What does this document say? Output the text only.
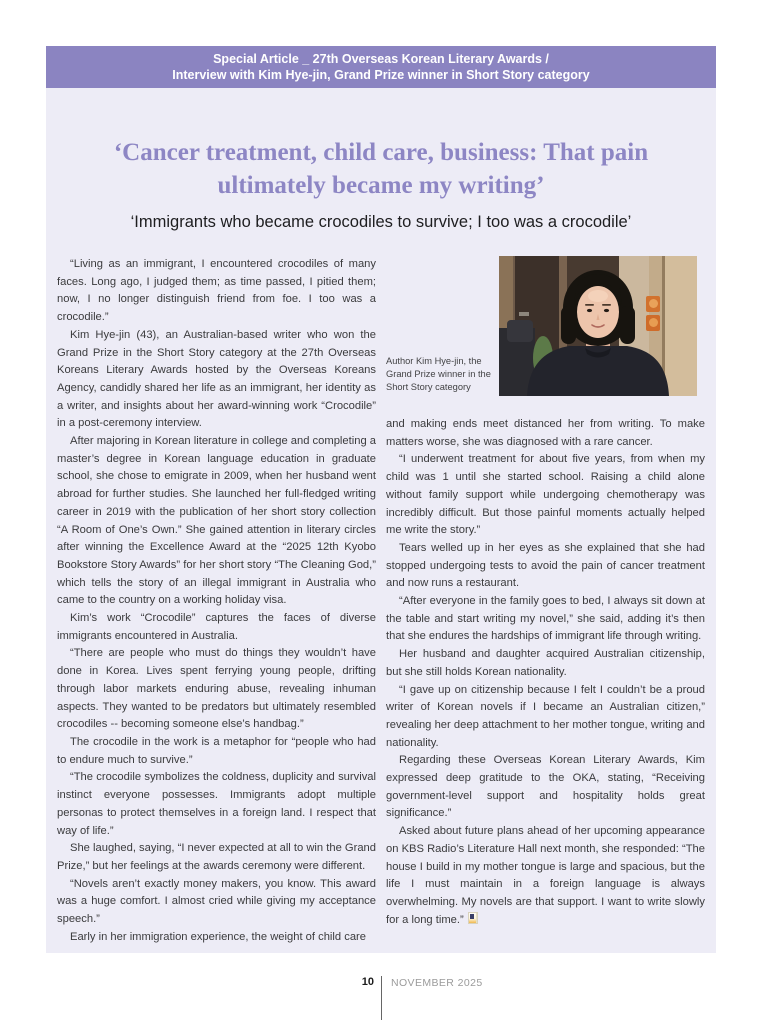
Special Article _ 27th Overseas Korean Literary Awards /
Interview with Kim Hye-jin, Grand Prize winner in Short Story category
‘Cancer treatment, child care, business: That pain
ultimately became my writing’
‘Immigrants who became crocodiles to survive; I too was a crocodile’

“Living as an immigrant, I encountered crocodiles of many faces. Long ago, I judged them; as time passed, I pitied them; now, I no longer distinguish friend from foe. I too was a crocodile.”

Kim Hye-jin (43), an Australian-based writer who won the Grand Prize in the Short Story category at the 27th Overseas Koreans Literary Awards hosted by the Overseas Koreans Agency, candidly shared her life as an immigrant, her identity as a writer, and insights about her award-winning work “Crocodile” in a post-ceremony interview.

After majoring in Korean literature in college and completing a master’s degree in Korean language education in graduate school, she chose to emigrate in 2009, when her husband went abroad for further studies. She launched her full-fledged writing career in 2019 with the publication of her short story collection “A Room of One’s Own.” She gained attention in literary circles after winning the Excellence Award at the “2025 12th Kyobo Bookstore Story Awards” for her short story “The Cleaning God,” which tells the story of an illegal immigrant in Australia who came to the country on a working holiday visa.

Kim’s work “Crocodile” captures the faces of diverse immigrants encountered in Australia.

“There are people who must do things they wouldn’t have done in Korea. Lives spent ferrying young people, drifting through labor markets enduring abuse, revealing inhuman aspects. They wanted to be predators but ultimately resembled crocodiles -- becoming someone else’s handbag.”

The crocodile in the work is a metaphor for “people who had to endure much to survive.”

“The crocodile symbolizes the coldness, duplicity and survival instinct everyone possesses. Immigrants adopt multiple personas to protect themselves in a foreign land. I respect that way of life.”

She laughed, saying, “I never expected at all to win the Grand Prize,” but her feelings at the awards ceremony were different.

“Novels aren’t exactly money makers, you know. This award was a huge comfort. I almost cried while giving my acceptance speech.”

Early in her immigration experience, the weight of child care

Author Kim Hye-jin, the
Grand Prize winner in the
Short Story category

and making ends meet distanced her from writing. To make matters worse, she was diagnosed with a rare cancer.

“I underwent treatment for about five years, from when my child was 1 until she started school. Raising a child alone without family support while undergoing chemotherapy was incredibly difficult. But those painful moments actually helped me write the story.”

Tears welled up in her eyes as she explained that she had stopped undergoing tests to avoid the pain of cancer treatment and now runs a restaurant.

“After everyone in the family goes to bed, I always sit down at the table and start writing my novel,” she said, adding it’s then that she endures the hardships of immigrant life through writing.

Her husband and daughter acquired Australian citizenship, but she still holds Korean nationality.

“I gave up on citizenship because I felt I couldn’t be a proud writer of Korean novels if I became an Australian citizen,” revealing her deep attachment to her mother tongue, writing and nationality.

Regarding these Overseas Korean Literary Awards, Kim expressed deep gratitude to the OKA, stating, “Receiving government-level support and hospitality holds great significance.”

Asked about future plans ahead of her upcoming appearance on KBS Radio’s Literature Hall next month, she responded: “The house I build in my mother tongue is large and spacious, but the life I must maintain in a foreign language is always overwhelming. My novels are that support. I want to write slowly for a long time.”

10 NOVEMBER 2025
